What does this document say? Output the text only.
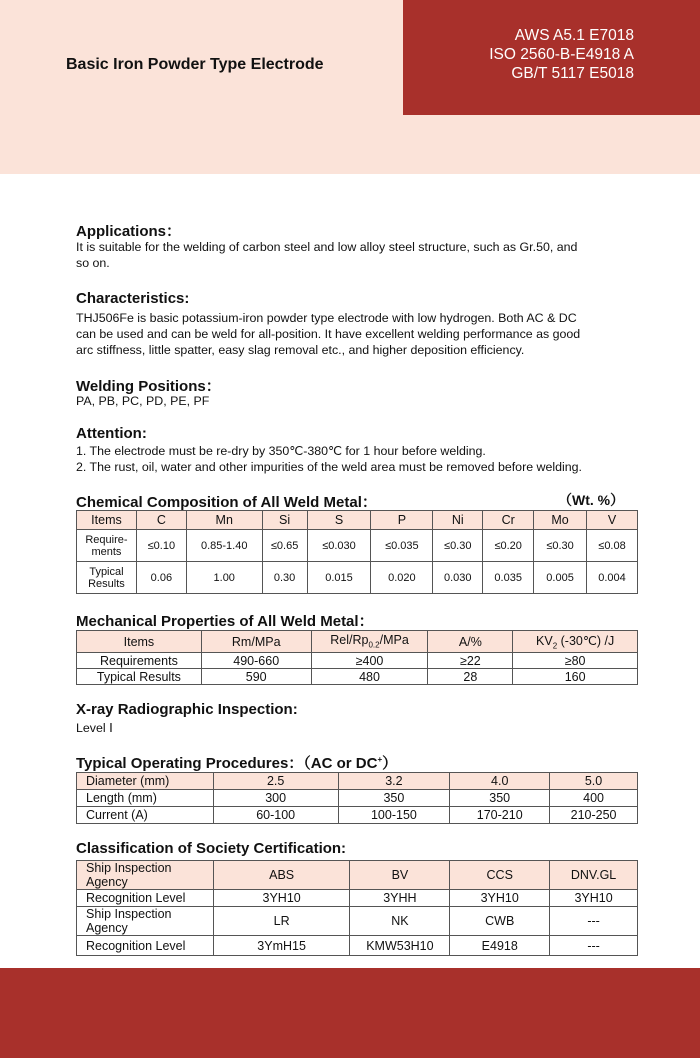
Basic Iron Powder Type Electrode
AWS A5.1 E7018
ISO 2560-B-E4918 A
GB/T 5117 E5018
Applications：
It is suitable for the welding of carbon steel and low alloy steel structure, such as Gr.50, and
so on.
Characteristics:
THJ506Fe is basic potassium-iron powder type electrode with low hydrogen. Both AC & DC
can be used and can be weld for all-position. It have excellent welding performance as good
arc stiffness, little spatter, easy slag removal etc., and higher deposition efficiency.
Welding Positions：
PA, PB, PC, PD, PE, PF
Attention:
1. The electrode must be re-dry by 350℃-380℃ for 1 hour before welding.
2. The rust, oil, water and other impurities of the weld area must be removed before welding.
Chemical Composition of All Weld Metal：	（Wt. %）
Items	C	Mn	Si	S	P	Ni	Cr	Mo	V

Require-
ments	≤0.10	0.85-1.40	≤0.65	≤0.030	≤0.035	≤0.30	≤0.20	≤0.30	≤0.08

Typical
Results	0.06	1.00	0.30	0.015	0.020	0.030	0.035	0.005	0.004
Mechanical Properties of All Weld Metal：
Items	Rm/MPa	Rel/$Rp_{0.2}$/MPa	A/%	$KV_2$ (-30℃) /J
Requirements	490-660	≥400	≥22	≥80
Typical Results	590	480	28	160
X-ray Radiographic Inspection:
Level Ⅰ
Typical Operating Procedures：（AC or DC+）
Diameter (mm)	2.5	3.2	4.0	5.0
Length (mm)	300	350	350	400
Current (A)	60-100	100-150	170-210	210-250
Classification of Society Certification:
Ship Inspection Agency	ABS	BV	CCS	DNV.GL
Recognition Level	3YH10	3YHH	3YH10	3YH10
Ship Inspection Agency	LR	NK	CWB	---
Recognition Level	3YmH15	KMW53H10	E4918	---
